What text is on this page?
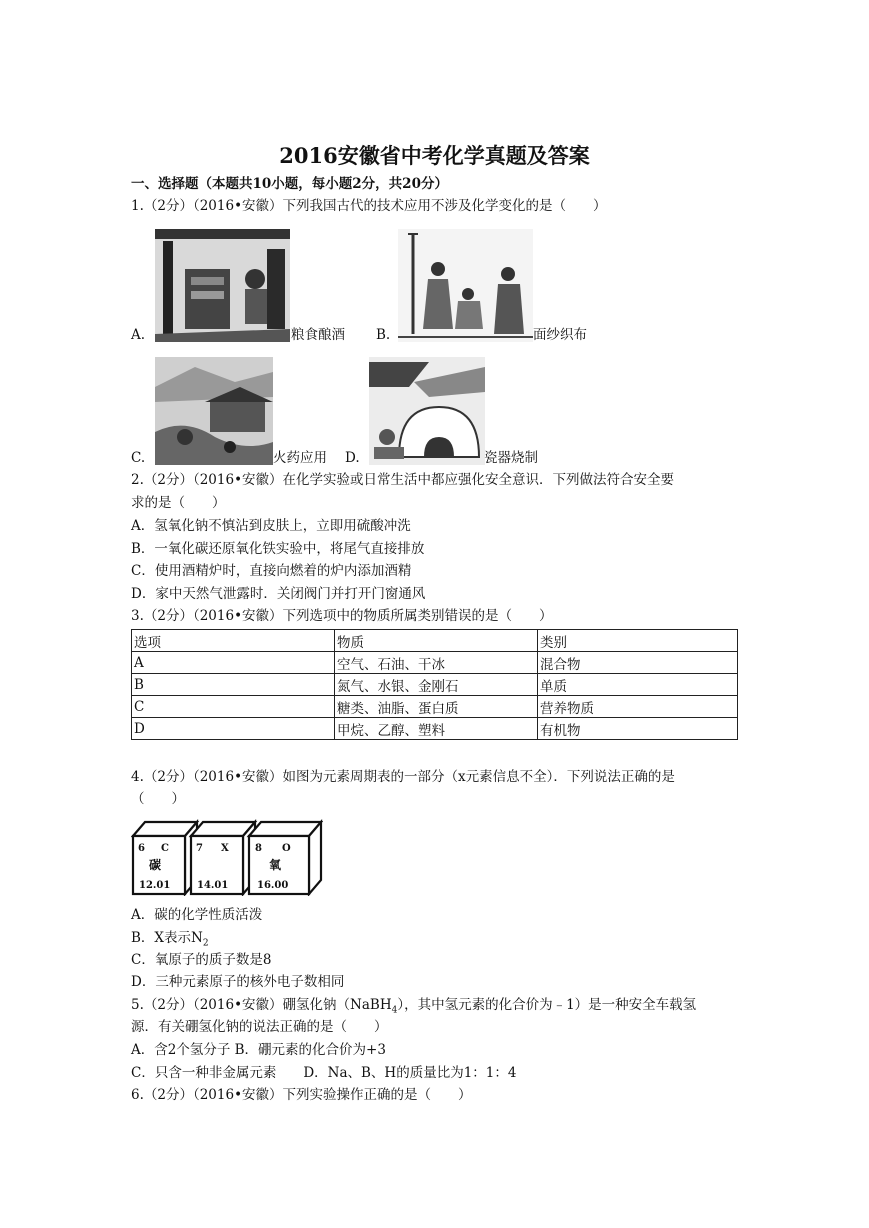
2016安徽省中考化学真题及答案
一、选择题（本题共10小题，每小题2分，共20分）
1.（2分）（2016•安徽）下列我国古代的技术应用不涉及化学变化的是（　　）
A.	粮食酿酒 B.	面纱织布
C.	火药应用 D.	瓷器烧制
2.（2分）（2016•安徽）在化学实验或日常生活中都应强化安全意识．下列做法符合安全要
求的是（　　）
A．氢氧化钠不慎沾到皮肤上，立即用硫酸冲洗
B．一氧化碳还原氧化铁实验中，将尾气直接排放
C．使用酒精炉时，直接向燃着的炉内添加酒精
D．家中天然气泄露时．关闭阀门并打开门窗通风
3.（2分）（2016•安徽）下列选项中的物质所属类别错误的是（　　）
选项	物质	类别
A	空气、石油、干冰	混合物
B	氮气、水银、金刚石	单质
C	糖类、油脂、蛋白质	营养物质
D	甲烷、乙醇、塑料	有机物
4.（2分）（2016•安徽）如图为元素周期表的一部分（x元素信息不全）．下列说法正确的是
（　　）
6 C
碳
12.01
7 X
14.01
8 O
氧
16.00
A．碳的化学性质活泼
B．X表示$N_2$
C．氧原子的质子数是8
D．三种元素原子的核外电子数相同
5.（2分）（2016•安徽）硼氢化钠（NaBH$_4$），其中氢元素的化合价为﹣1）是一种安全车载氢
源．有关硼氢化钠的说法正确的是（　　）
A．含2个氢分子 B．硼元素的化合价为+3
C．只含一种非金属元素　　D．Na、B、H的质量比为1：1：4
6.（2分）（2016•安徽）下列实验操作正确的是（　　）
